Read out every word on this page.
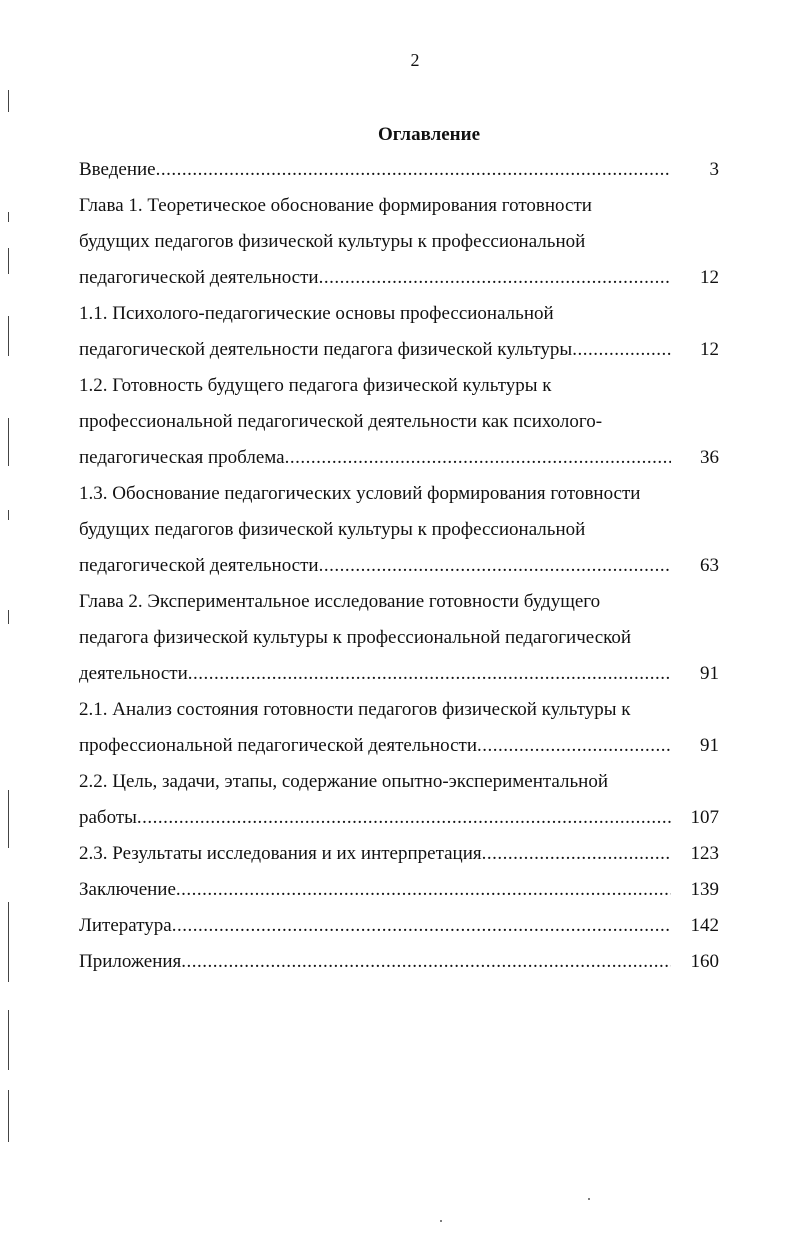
2
Оглавление
Введение .....	3
Глава 1. Теоретическое обоснование формирования готовности
будущих педагогов физической культуры к профессиональной
педагогической деятельности .....	12
1.1. Психолого-педагогические основы профессиональной
педагогической деятельности педагога физической культуры .....	12
1.2. Готовность будущего педагога физической культуры к
профессиональной педагогической деятельности как психолого-
педагогическая проблема .....	36
1.3. Обоснование педагогических условий формирования готовности
будущих педагогов физической культуры к профессиональной
педагогической деятельности .....	63
Глава 2. Экспериментальное исследование готовности будущего
педагога физической культуры к профессиональной педагогической
деятельности .....	91
2.1. Анализ состояния готовности педагогов физической культуры к
профессиональной педагогической деятельности .....	91
2.2. Цель, задачи, этапы, содержание опытно-экспериментальной
работы .....	107
2.3. Результаты исследования и их интерпретация .....	123
Заключение .....	139
Литература .....	142
Приложения .....	160
